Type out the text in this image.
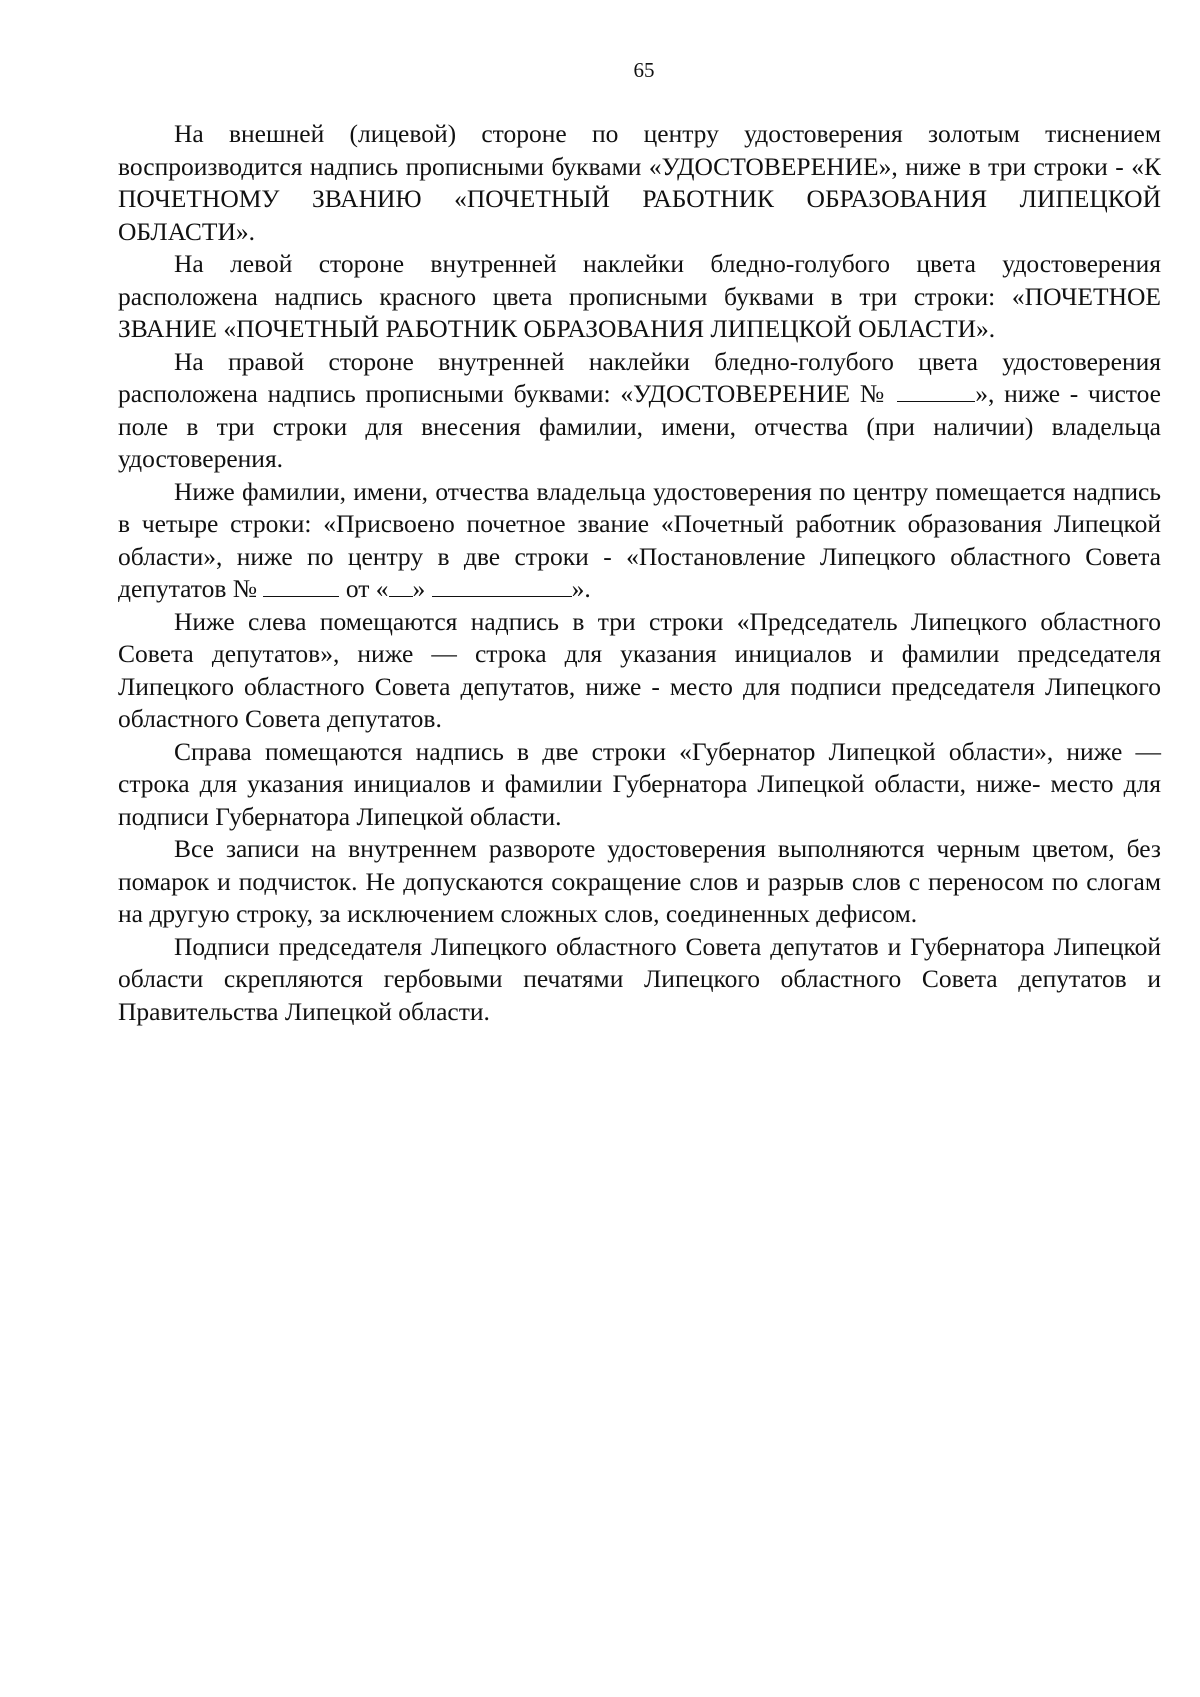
65

На внешней (лицевой) стороне по центру удостоверения золотым тиснением воспроизводится надпись прописными буквами «УДОСТОВЕРЕНИЕ», ниже в три строки - «К ПОЧЕТНОМУ ЗВАНИЮ «ПОЧЕТНЫЙ РАБОТНИК ОБРАЗОВАНИЯ ЛИПЕЦКОЙ ОБЛАСТИ».

На левой стороне внутренней наклейки бледно-голубого цвета удостоверения расположена надпись красного цвета прописными буквами в три строки: «ПОЧЕТНОЕ ЗВАНИЕ «ПОЧЕТНЫЙ РАБОТНИК ОБРАЗОВАНИЯ ЛИПЕЦКОЙ ОБЛАСТИ».

На правой стороне внутренней наклейки бледно-голубого цвета удостоверения расположена надпись прописными буквами: «УДОСТОВЕРЕНИЕ №	», ниже - чистое поле в три строки для внесения фамилии, имени, отчества (при наличии) владельца удостоверения.

Ниже фамилии, имени, отчества владельца удостоверения по центру помещается надпись в четыре строки: «Присвоено почетное звание «Почетный работник образования Липецкой области», ниже по центру в две строки - «Постановление Липецкого областного Совета депутатов №	от « »	».

Ниже слева помещаются надпись в три строки «Председатель Липецкого областного Совета депутатов», ниже — строка для указания инициалов и фамилии председателя Липецкого областного Совета депутатов, ниже - место для подписи председателя Липецкого областного Совета депутатов.

Справа помещаются надпись в две строки «Губернатор Липецкой области», ниже — строка для указания инициалов и фамилии Губернатора Липецкой области, ниже- место для подписи Губернатора Липецкой области.

Все записи на внутреннем развороте удостоверения выполняются черным цветом, без помарок и подчисток. Не допускаются сокращение слов и разрыв слов с переносом по слогам на другую строку, за исключением сложных слов, соединенных дефисом.

Подписи председателя Липецкого областного Совета депутатов и Губернатора Липецкой области скрепляются гербовыми печатями Липецкого областного Совета депутатов и Правительства Липецкой области.
